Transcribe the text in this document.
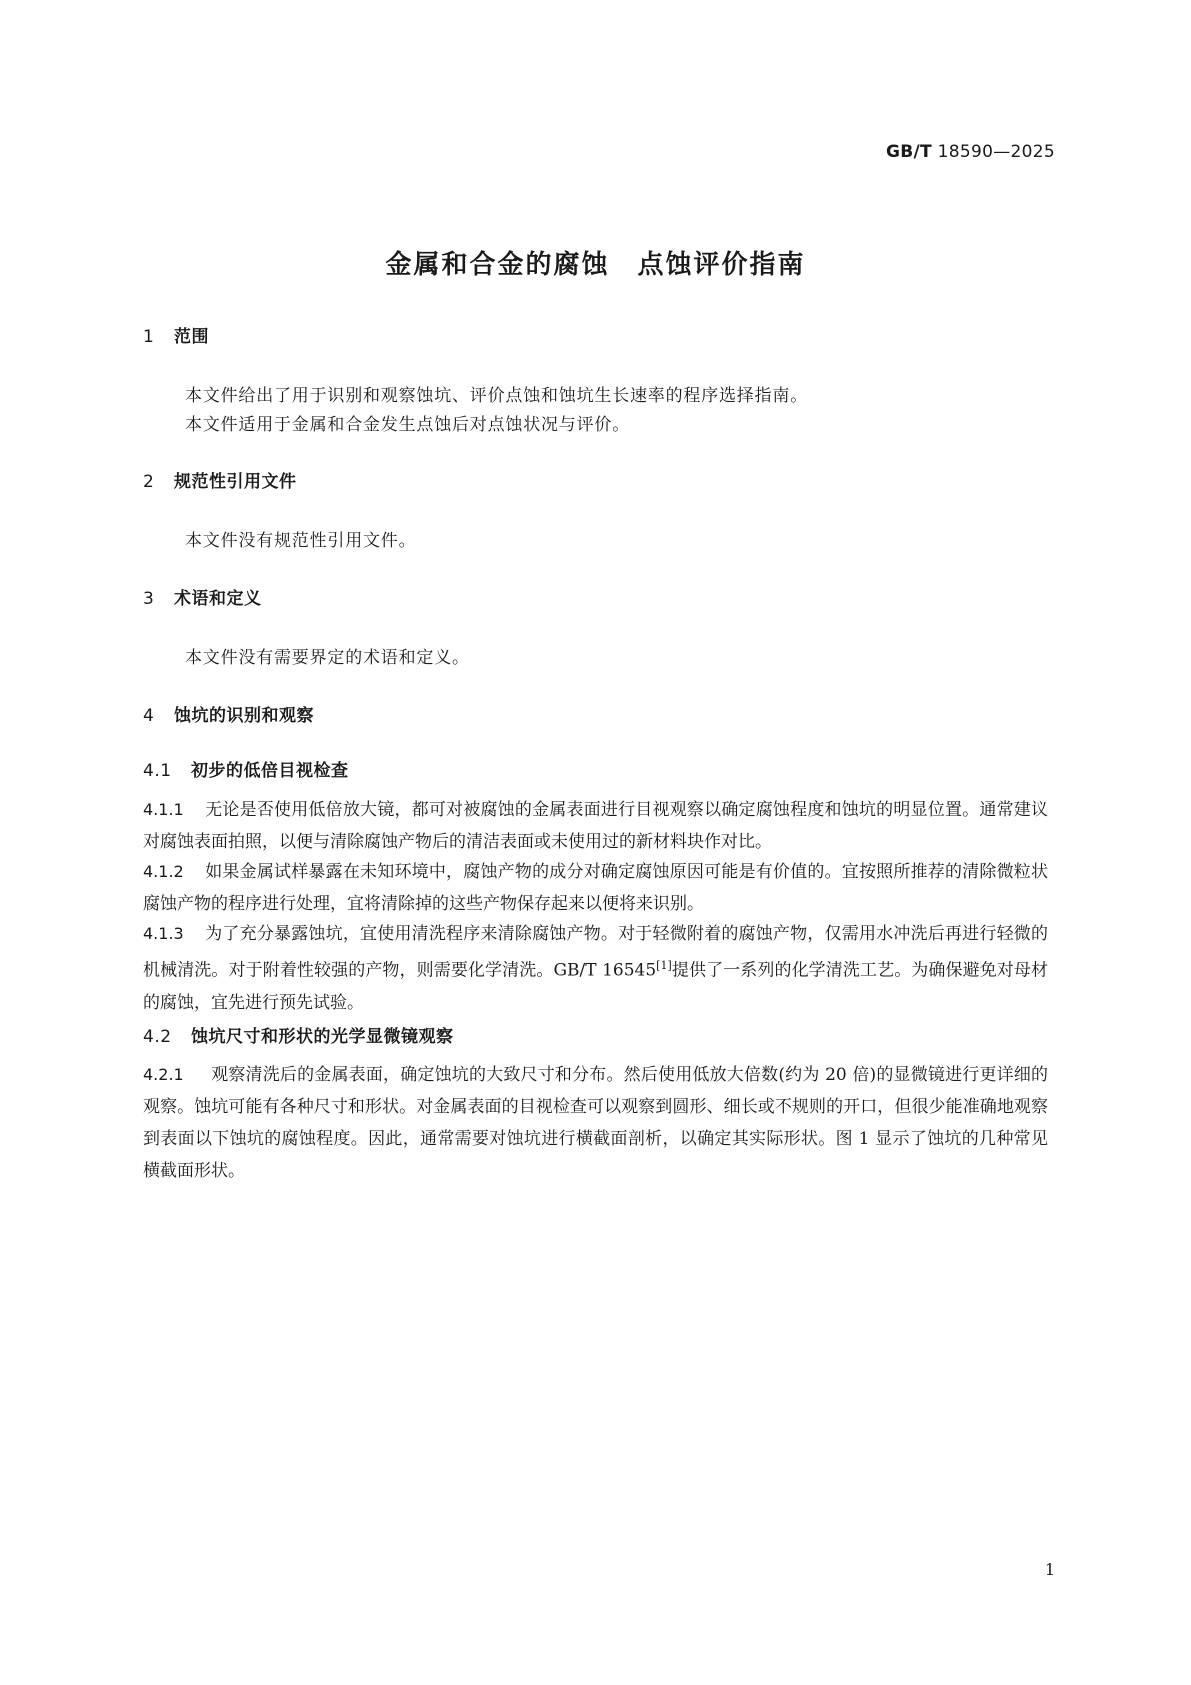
GB/T 18590—2025
金属和合金的腐蚀　点蚀评价指南
1 范围
本文件给出了用于识别和观察蚀坑、评价点蚀和蚀坑生长速率的程序选择指南。
本文件适用于金属和合金发生点蚀后对点蚀状况与评价。
2 规范性引用文件
本文件没有规范性引用文件。
3 术语和定义
本文件没有需要界定的术语和定义。
4 蚀坑的识别和观察
4.1 初步的低倍目视检查
4.1.1 无论是否使用低倍放大镜，都可对被腐蚀的金属表面进行目视观察以确定腐蚀程度和蚀坑的明显位置。通常建议对腐蚀表面拍照，以便与清除腐蚀产物后的清洁表面或未使用过的新材料块作对比。
4.1.2 如果金属试样暴露在未知环境中，腐蚀产物的成分对确定腐蚀原因可能是有价值的。宜按照所推荐的清除微粒状腐蚀产物的程序进行处理，宜将清除掉的这些产物保存起来以便将来识别。
4.1.3 为了充分暴露蚀坑，宜使用清洗程序来清除腐蚀产物。对于轻微附着的腐蚀产物，仅需用水冲洗后再进行轻微的机械清洗。对于附着性较强的产物，则需要化学清洗。GB/T 16545[1]提供了一系列的化学清洗工艺。为确保避免对母材的腐蚀，宜先进行预先试验。
4.2 蚀坑尺寸和形状的光学显微镜观察
4.2.1 观察清洗后的金属表面，确定蚀坑的大致尺寸和分布。然后使用低放大倍数(约为 20 倍)的显微镜进行更详细的观察。蚀坑可能有各种尺寸和形状。对金属表面的目视检查可以观察到圆形、细长或不规则的开口，但很少能准确地观察到表面以下蚀坑的腐蚀程度。因此，通常需要对蚀坑进行横截面剖析，以确定其实际形状。图 1 显示了蚀坑的几种常见横截面形状。
1
